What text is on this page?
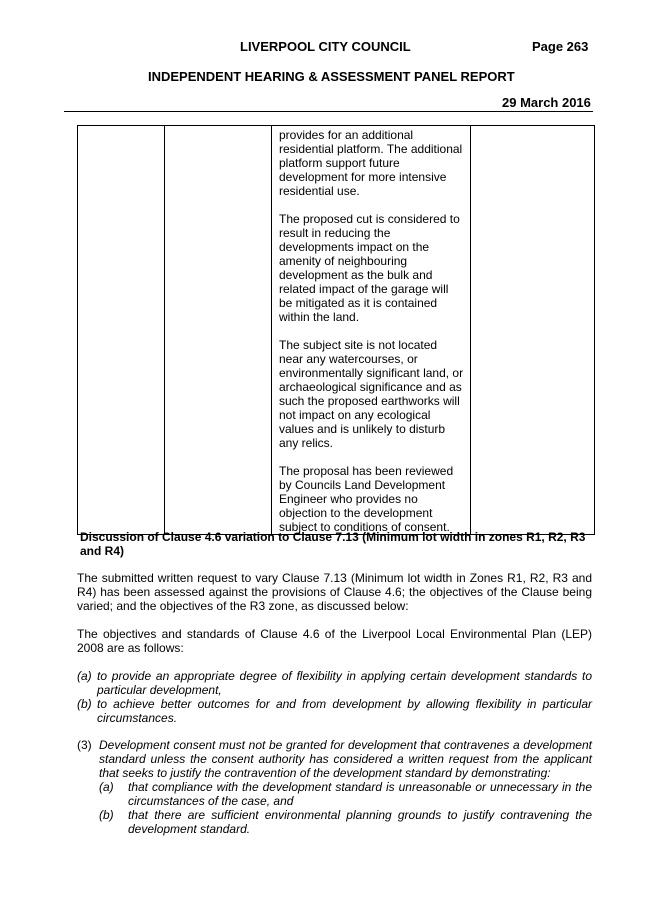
LIVERPOOL CITY COUNCIL	Page 263
INDEPENDENT HEARING & ASSESSMENT PANEL REPORT
29 March 2016

provides for an additional residential platform. The additional platform support future development for more intensive residential use.

The proposed cut is considered to result in reducing the developments impact on the amenity of neighbouring development as the bulk and related impact of the garage will be mitigated as it is contained within the land.

The subject site is not located near any watercourses, or environmentally significant land, or archaeological significance and as such the proposed earthworks will not impact on any ecological values and is unlikely to disturb any relics.

The proposal has been reviewed by Councils Land Development Engineer who provides no objection to the development subject to conditions of consent.

Discussion of Clause 4.6 variation to Clause 7.13 (Minimum lot width in zones R1, R2, R3 and R4)
The submitted written request to vary Clause 7.13 (Minimum lot width in Zones R1, R2, R3 and R4) has been assessed against the provisions of Clause 4.6; the objectives of the Clause being varied; and the objectives of the R3 zone, as discussed below:
The objectives and standards of Clause 4.6 of the Liverpool Local Environmental Plan (LEP) 2008 are as follows:
(a) to provide an appropriate degree of flexibility in applying certain development standards to particular development,
(b) to achieve better outcomes for and from development by allowing flexibility in particular circumstances.
(3) Development consent must not be granted for development that contravenes a development standard unless the consent authority has considered a written request from the applicant that seeks to justify the contravention of the development standard by demonstrating:
(a) that compliance with the development standard is unreasonable or unnecessary in the circumstances of the case, and
(b) that there are sufficient environmental planning grounds to justify contravening the development standard.
